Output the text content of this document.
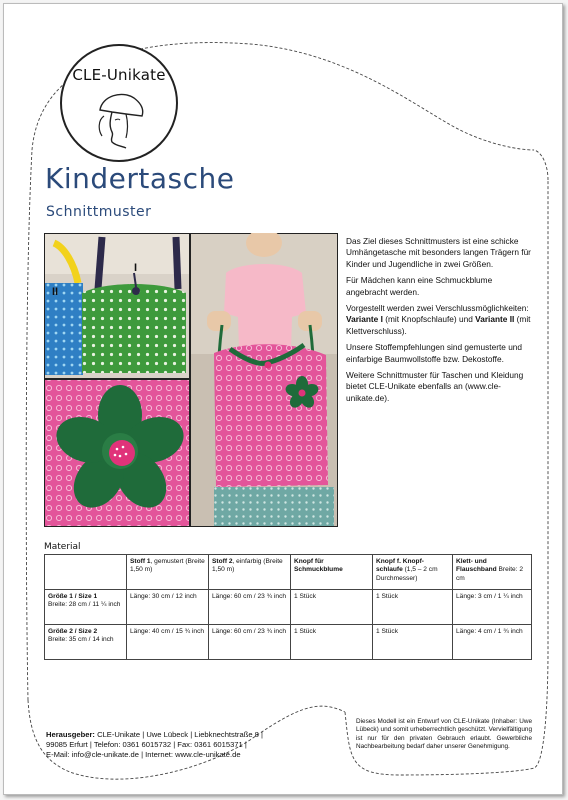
CLE-Unikate
Kindertasche
Schnittmuster
II
I

Das Ziel dieses Schnittmusters ist eine schicke Umhängetasche mit besonders langen Trägern für Kinder und Jugendliche in zwei Größen.

Für Mädchen kann eine Schmuckblume angebracht werden.

Vorgestellt werden zwei Verschlussmöglichkeiten: Variante I (mit Knopfschlaufe) und Variante II (mit Klettverschluss).

Unsere Stoffempfehlungen sind gemusterte und einfarbige Baumwollstoffe bzw. Dekostoffe.

Weitere Schnittmuster für Taschen und Kleidung bietet CLE-Unikate ebenfalls an (www.cle-unikate.de).

Material
	Stoff 1, gemustert (Breite 1,50 m)	Stoff 2, einfarbig (Breite 1,50 m)	Knopf für Schmuckblume	Knopf f. Knopf-schlaufe (1,5 – 2 cm Durchmesser)	Klett- und Flauschband Breite: 2 cm
Größe 1 / Size 1
Breite: 28 cm / 11 ¼ inch	Länge: 30 cm / 12 inch	Länge: 60 cm / 23 ¾ inch	1 Stück	1 Stück	Länge: 3 cm / 1 ¼ inch
Größe 2 / Size 2
Breite: 35 cm / 14 inch	Länge: 40 cm / 15 ¾ inch	Länge: 60 cm / 23 ¾ inch	1 Stück	1 Stück	Länge: 4 cm / 1 ¾ inch
Herausgeber: CLE-Unikate | Uwe Lübeck | Liebknechtstraße 8 |
99085 Erfurt | Telefon: 0361 6015732 | Fax: 0361 6015371 |
E-Mail: info@cle-unikate.de | Internet: www.cle-unikate.de
Dieses Modell ist ein Entwurf von CLE-Unikate (Inhaber: Uwe Lübeck) und somit urheberrechtlich geschützt. Vervielfältigung ist nur für den privaten Gebrauch erlaubt. Gewerbliche Nachbearbeitung bedarf daher unserer Genehmigung.
